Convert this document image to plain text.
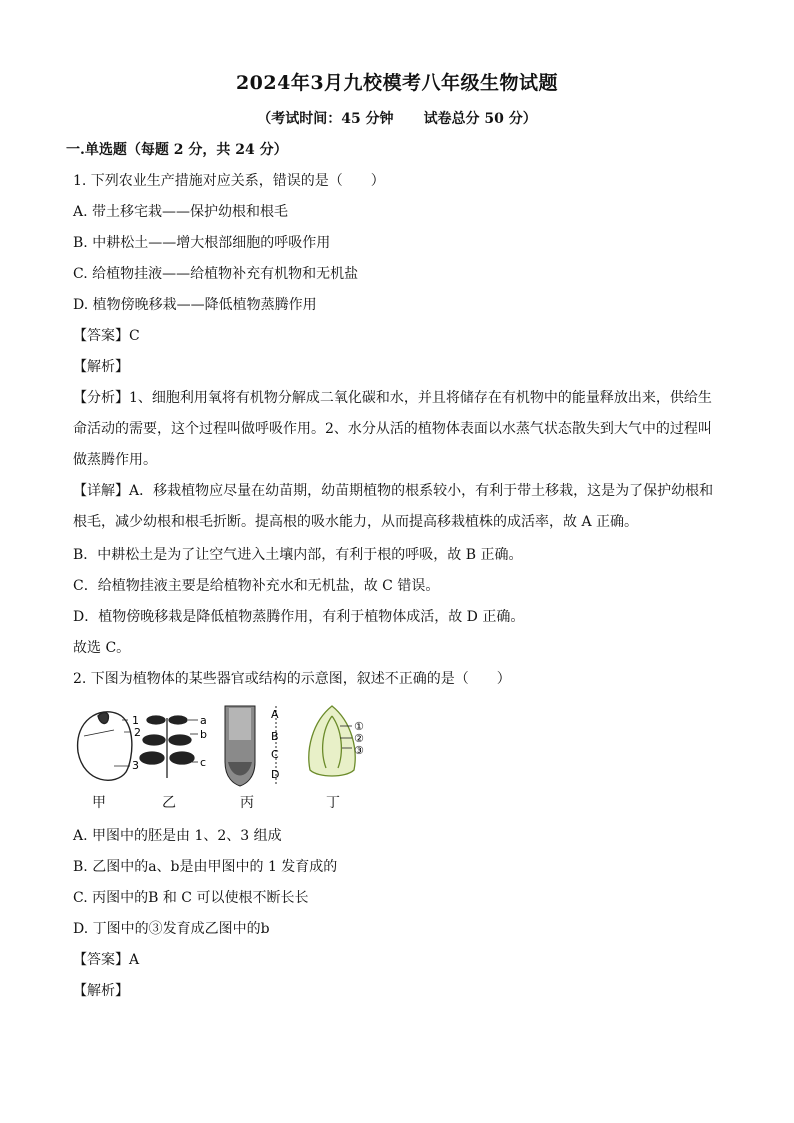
2024年3月九校模考八年级生物试题
（考试时间：45 分钟 试卷总分 50 分）
一.单选题（每题 2 分，共 24 分）
1. 下列农业生产措施对应关系，错误的是（　　）
A. 带土移宅栽——保护幼根和根毛
B. 中耕松土——增大根部细胞的呼吸作用
C. 给植物挂液——给植物补充有机物和无机盐
D. 植物傍晚移栽——降低植物蒸腾作用
【答案】C
【解析】
【分析】1、细胞利用氧将有机物分解成二氧化碳和水，并且将储存在有机物中的能量释放出来，供给生命活动的需要，这个过程叫做呼吸作用。2、水分从活的植物体表面以水蒸气状态散失到大气中的过程叫做蒸腾作用。
【详解】A．移栽植物应尽量在幼苗期，幼苗期植物的根系较小，有利于带土移栽，这是为了保护幼根和根毛，减少幼根和根毛折断。提高根的吸水能力，从而提高移栽植株的成活率，故 A 正确。
B．中耕松土是为了让空气进入土壤内部，有利于根的呼吸，故 B 正确。
C．给植物挂液主要是给植物补充水和无机盐，故 C 错误。
D．植物傍晚移栽是降低植物蒸腾作用，有利于植物体成活，故 D 正确。
故选 C。
2. 下图为植物体的某些器官或结构的示意图，叙述不正确的是（　　）
1
2
3
a
b
c
A
B
C
D
①
②
③
甲	乙	丙	丁
A. 甲图中的胚是由 1、2、3 组成
B. 乙图中的a、b是由甲图中的 1 发育成的
C. 丙图中的B 和 C 可以使根不断长长
D. 丁图中的③发育成乙图中的b
【答案】A
【解析】
